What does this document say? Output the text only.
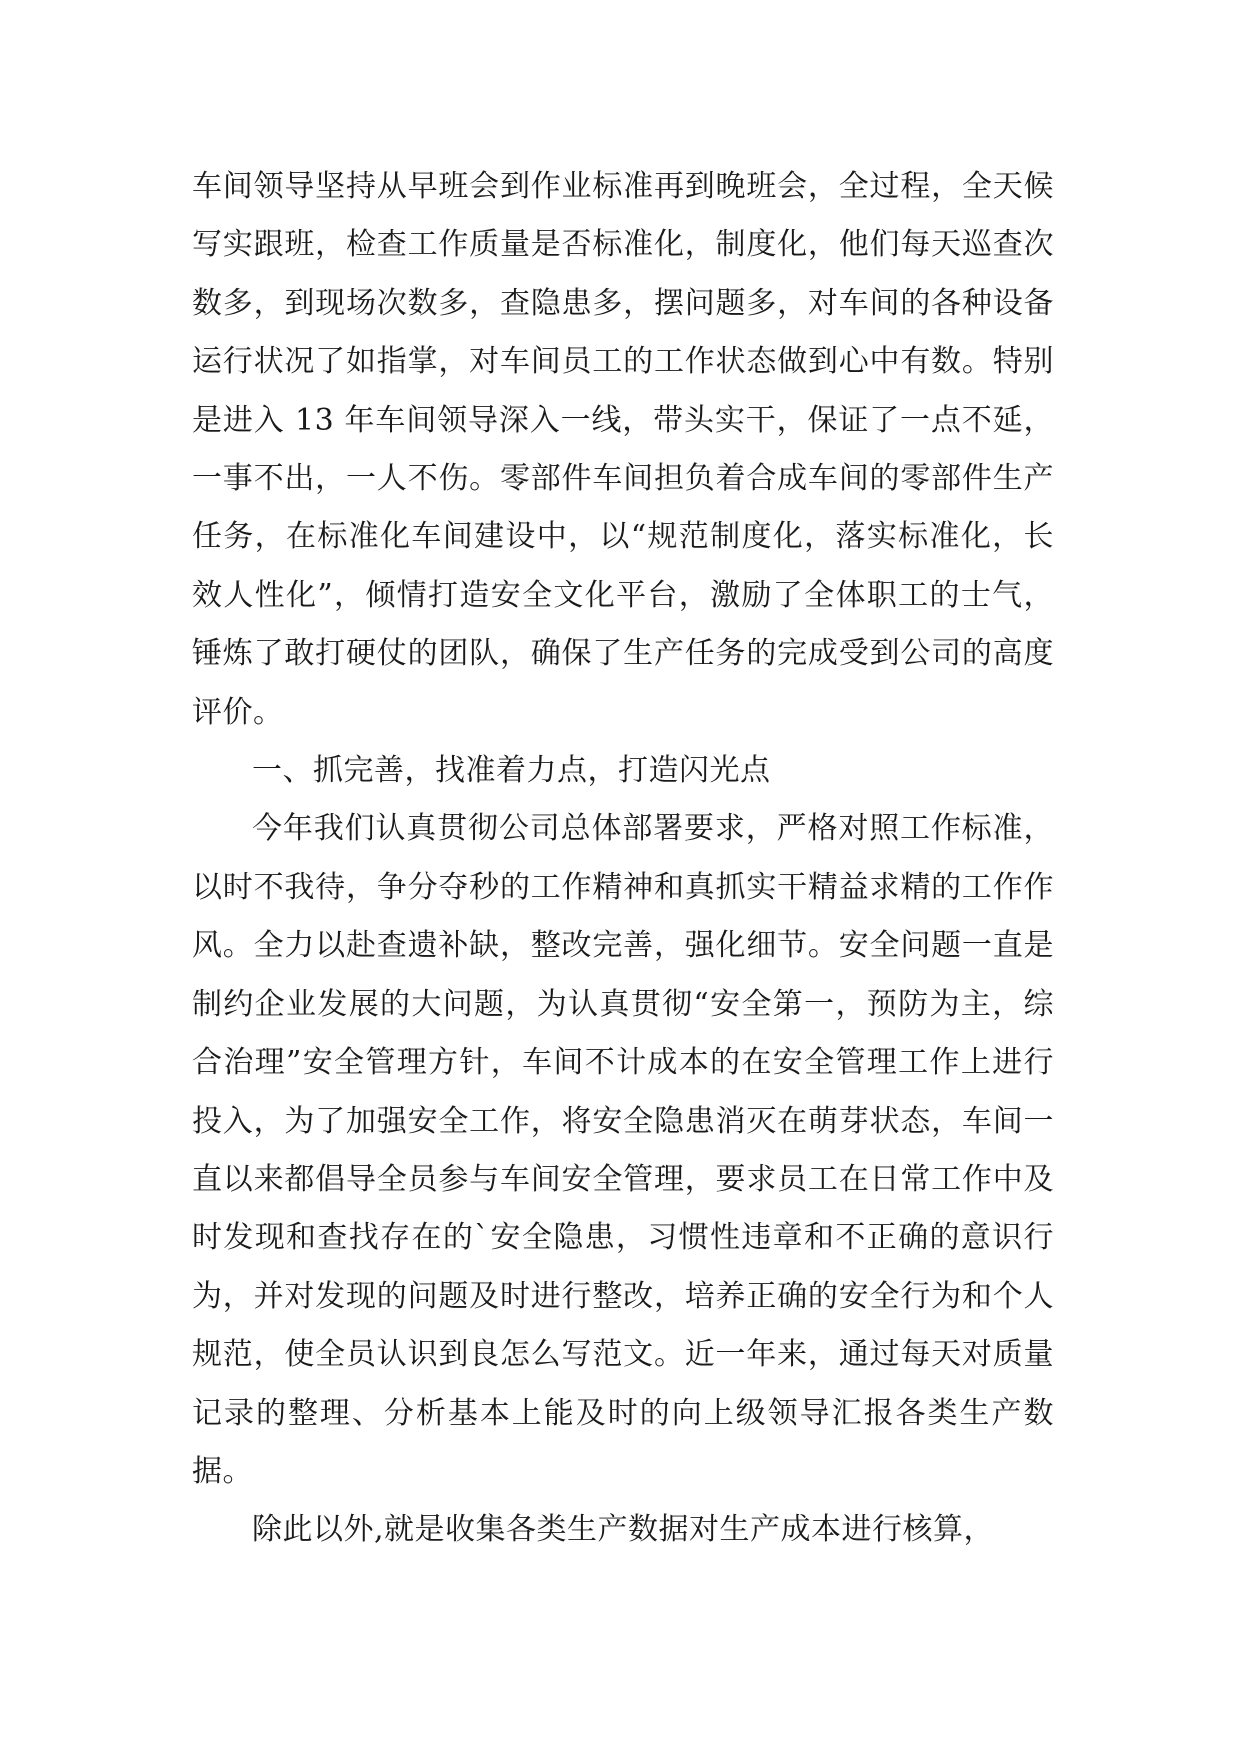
车间领导坚持从早班会到作业标准再到晚班会，全过程，全天候写实跟班，检查工作质量是否标准化，制度化，他们每天巡查次数多，到现场次数多，查隐患多，摆问题多，对车间的各种设备运行状况了如指掌，对车间员工的工作状态做到心中有数。特别是进入 13 年车间领导深入一线，带头实干，保证了一点不延，一事不出，一人不伤。零部件车间担负着合成车间的零部件生产任务，在标准化车间建设中，以“规范制度化，落实标准化，长效人性化”，倾情打造安全文化平台，激励了全体职工的士气，锤炼了敢打硬仗的团队，确保了生产任务的完成受到公司的高度评价。

一、抓完善，找准着力点，打造闪光点

今年我们认真贯彻公司总体部署要求，严格对照工作标准，以时不我待，争分夺秒的工作精神和真抓实干精益求精的工作作风。全力以赴查遗补缺，整改完善，强化细节。安全问题一直是制约企业发展的大问题，为认真贯彻“安全第一，预防为主，综合治理”安全管理方针，车间不计成本的在安全管理工作上进行投入，为了加强安全工作，将安全隐患消灭在萌芽状态，车间一直以来都倡导全员参与车间安全管理，要求员工在日常工作中及时发现和查找存在的`安全隐患，习惯性违章和不正确的意识行为，并对发现的问题及时进行整改，培养正确的安全行为和个人规范，使全员认识到良怎么写范文。近一年来，通过每天对质量记录的整理、分析基本上能及时的向上级领导汇报各类生产数据。

除此以外,就是收集各类生产数据对生产成本进行核算，
